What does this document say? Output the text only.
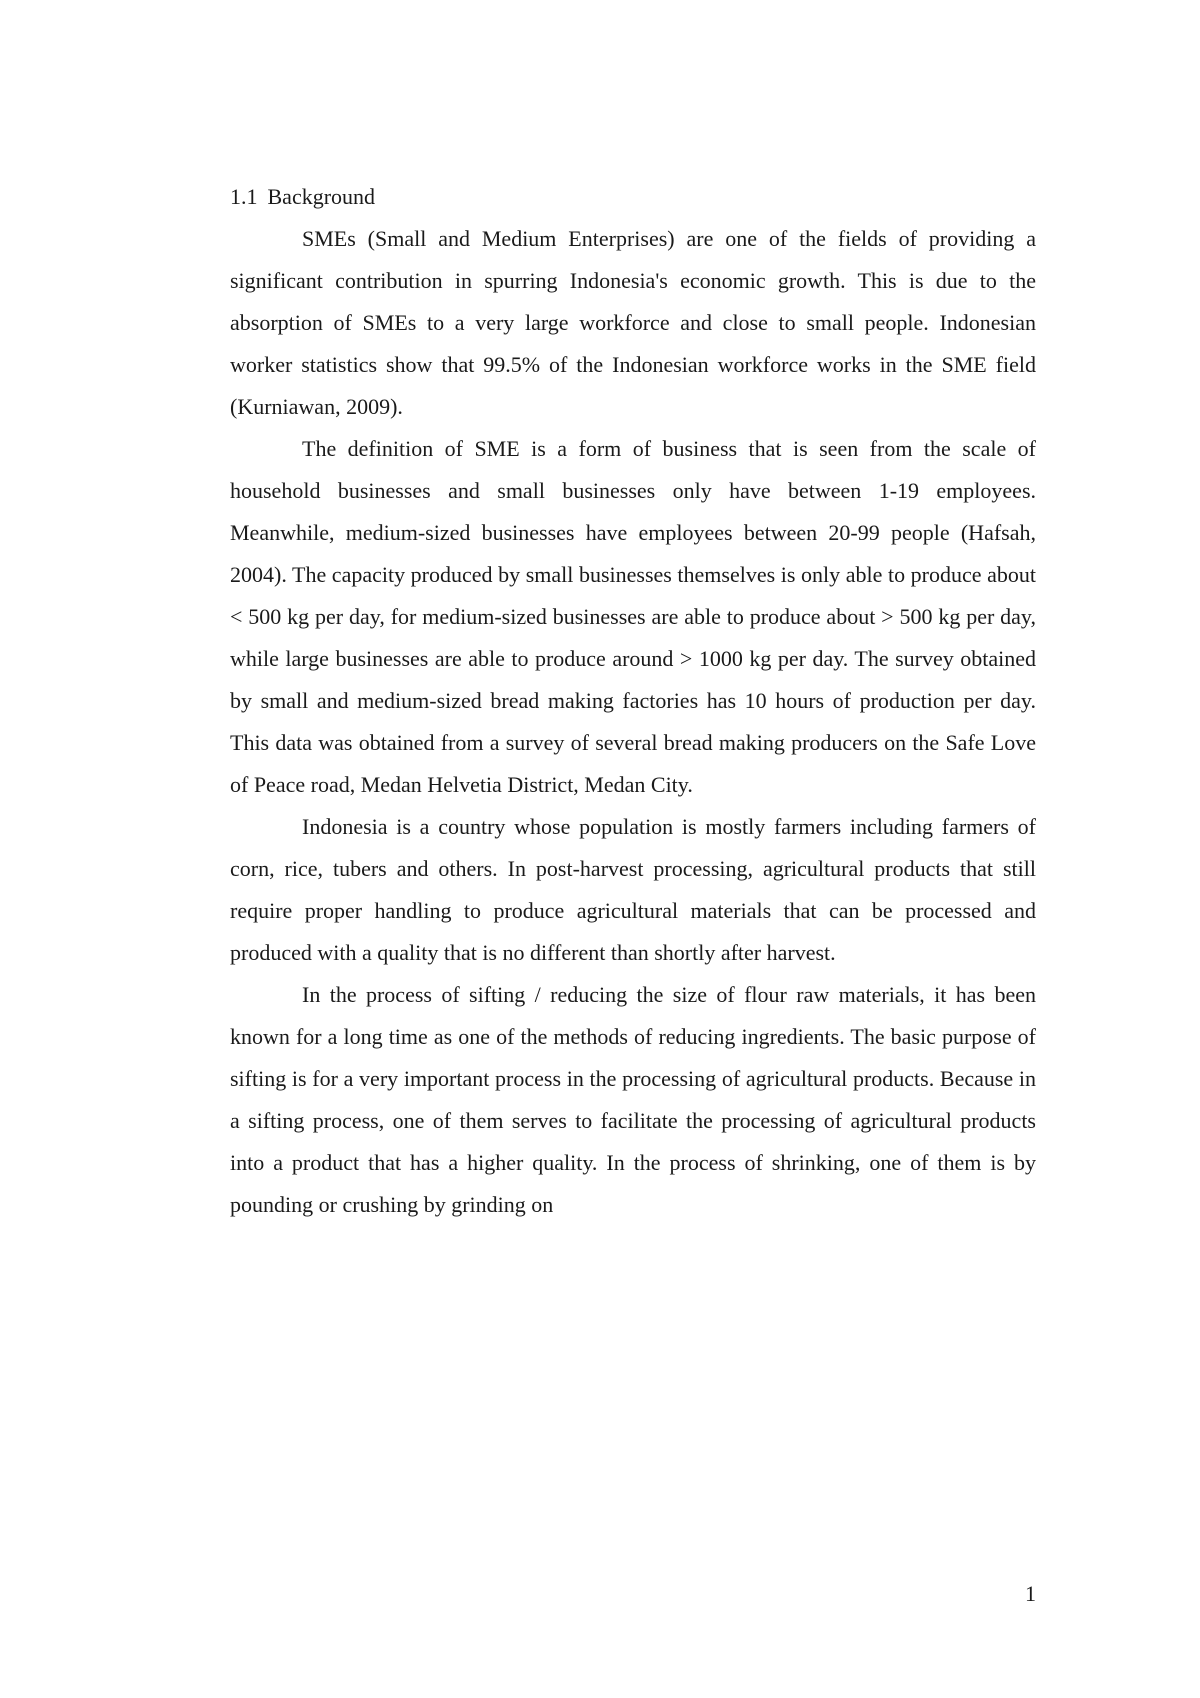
1.1 Background

SMEs (Small and Medium Enterprises) are one of the fields of providing a significant contribution in spurring Indonesia's economic growth. This is due to the absorption of SMEs to a very large workforce and close to small people. Indonesian worker statistics show that 99.5% of the Indonesian workforce works in the SME field (Kurniawan, 2009).

The definition of SME is a form of business that is seen from the scale of household businesses and small businesses only have between 1-19 employees. Meanwhile, medium-sized businesses have employees between 20-99 people (Hafsah, 2004). The capacity produced by small businesses themselves is only able to produce about < 500 kg per day, for medium-sized businesses are able to produce about > 500 kg per day, while large businesses are able to produce around > 1000 kg per day. The survey obtained by small and medium-sized bread making factories has 10 hours of production per day. This data was obtained from a survey of several bread making producers on the Safe Love of Peace road, Medan Helvetia District, Medan City.

Indonesia is a country whose population is mostly farmers including farmers of corn, rice, tubers and others. In post-harvest processing, agricultural products that still require proper handling to produce agricultural materials that can be processed and produced with a quality that is no different than shortly after harvest.

In the process of sifting / reducing the size of flour raw materials, it has been known for a long time as one of the methods of reducing ingredients. The basic purpose of sifting is for a very important process in the processing of agricultural products. Because in a sifting process, one of them serves to facilitate the processing of agricultural products into a product that has a higher quality. In the process of shrinking, one of them is by pounding or crushing by grinding on

1
